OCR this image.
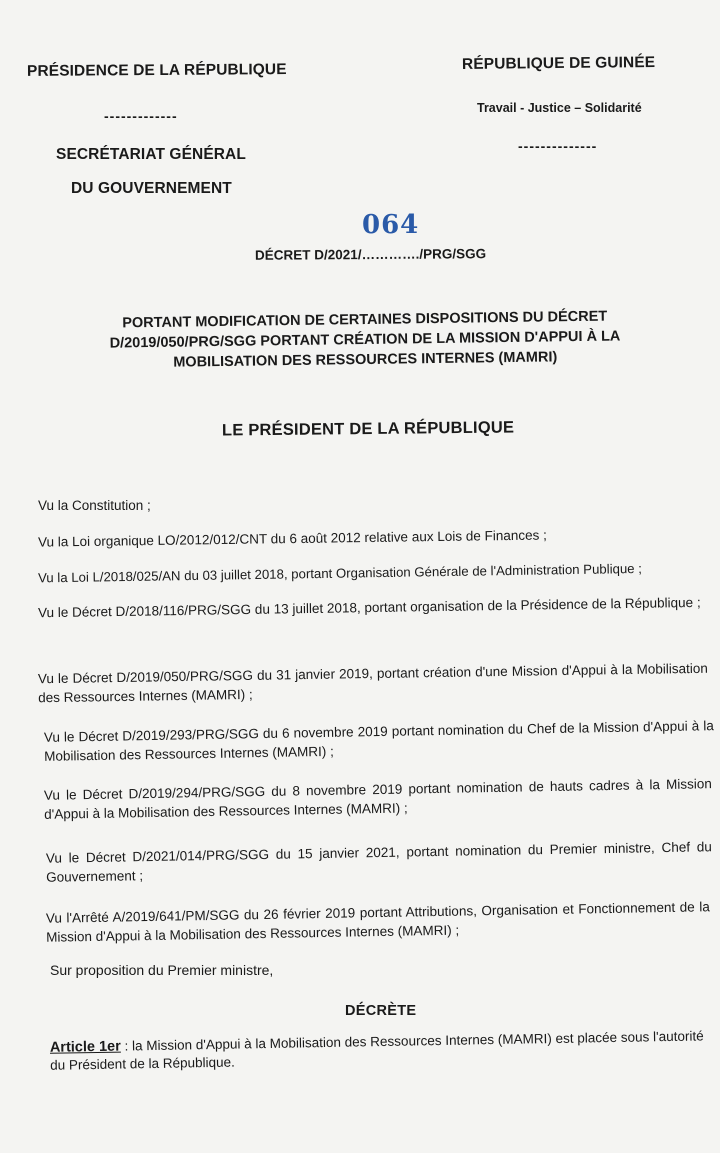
PRÉSIDENCE DE LA RÉPUBLIQUE
-------------
SECRÉTARIAT GÉNÉRAL
DU GOUVERNEMENT
RÉPUBLIQUE DE GUINÉE
Travail - Justice – Solidarité
--------------
064
DÉCRET D/2021/…………./PRG/SGG
PORTANT MODIFICATION DE CERTAINES DISPOSITIONS DU DÉCRET
D/2019/050/PRG/SGG PORTANT CRÉATION DE LA MISSION D'APPUI À LA
MOBILISATION DES RESSOURCES INTERNES (MAMRI)
LE PRÉSIDENT DE LA RÉPUBLIQUE
Vu la Constitution ;
Vu la Loi organique LO/2012/012/CNT du 6 août 2012 relative aux Lois de Finances ;
Vu la Loi L/2018/025/AN du 03 juillet 2018, portant Organisation Générale de l'Administration Publique ;
Vu le Décret D/2018/116/PRG/SGG du 13 juillet 2018, portant organisation de la Présidence de la République ;
Vu le Décret D/2019/050/PRG/SGG du 31 janvier 2019, portant création d'une Mission d'Appui à la Mobilisation des Ressources Internes (MAMRI) ;
Vu le Décret D/2019/293/PRG/SGG du 6 novembre 2019 portant nomination du Chef de la Mission d'Appui à la Mobilisation des Ressources Internes (MAMRI) ;
Vu le Décret D/2019/294/PRG/SGG du 8 novembre 2019 portant nomination de hauts cadres à la Mission d'Appui à la Mobilisation des Ressources Internes (MAMRI) ;
Vu le Décret D/2021/014/PRG/SGG du 15 janvier 2021, portant nomination du Premier ministre, Chef du Gouvernement ;
Vu l'Arrêté A/2019/641/PM/SGG du 26 février 2019 portant Attributions, Organisation et Fonctionnement de la Mission d'Appui à la Mobilisation des Ressources Internes (MAMRI) ;
Sur proposition du Premier ministre,
DÉCRÈTE
Article 1er : la Mission d'Appui à la Mobilisation des Ressources Internes (MAMRI) est placée sous l'autorité du Président de la République.
